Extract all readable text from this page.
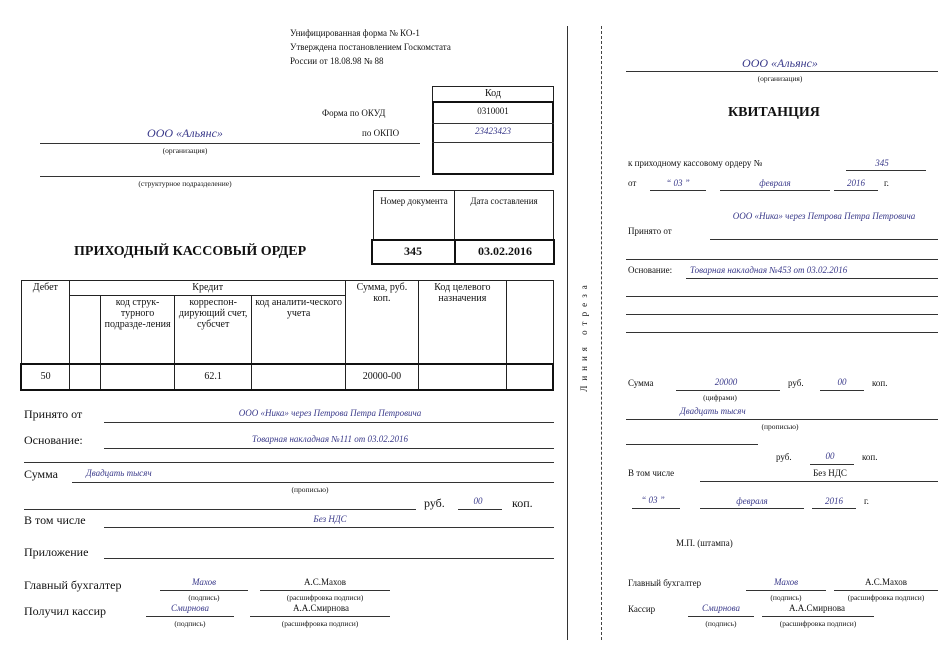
Унифицированная форма № КО-1
Утверждена постановлением Госкомстата
России от 18.08.98 № 88
Код
0310001
23423423
Форма по ОКУД
по ОКПО
ООО «Альянс»
(организация)
(структурное подразделение)
Номер документа	Дата составления
345	03.02.2016
ПРИХОДНЫЙ КАССОВЫЙ ОРДЕР
Дебет	Кредит				Сумма, руб. коп.	Код целевого назначения	
		код струк-турного подразде-ления	корреспон-дирующий счет, субсчет	код аналити-ческого учета			
50			62.1		20000-00		
Принято от	ООО «Ника» через Петрова Петра Петровича
Основание:	Товарная накладная №111 от 03.02.2016
Сумма	Двадцать тысяч
(прописью)
руб.	00	коп.
В том числе	Без НДС
Приложение
Главный бухгалтер	Махов
(подпись)
А.С.Махов
(расшифровка подписи)
Получил кассир	Смирнова
(подпись)
А.А.Смирнова
(расшифровка подписи)
Линия отреза
ООО «Альянс»
(организация)
КВИТАНЦИЯ
к приходному кассовому ордеру №	345
от	“ 03 ”	февраля	2016	г.
Принято от
ООО «Ника» через Петрова Петра Петровича
Основание: Товарная накладная №453 от 03.02.2016
Сумма	20000	руб.	00	коп.
(цифрами)
Двадцать тысяч
(прописью)
руб.	00	коп.
В том числе	Без НДС
“ 03 ”	февраля	2016	г.
М.П. (штампа)
Главный бухгалтер	Махов
(подпись)
А.С.Махов
(расшифровка подписи)
Кассир	Смирнова
(подпись)
А.А.Смирнова
(расшифровка подписи)
